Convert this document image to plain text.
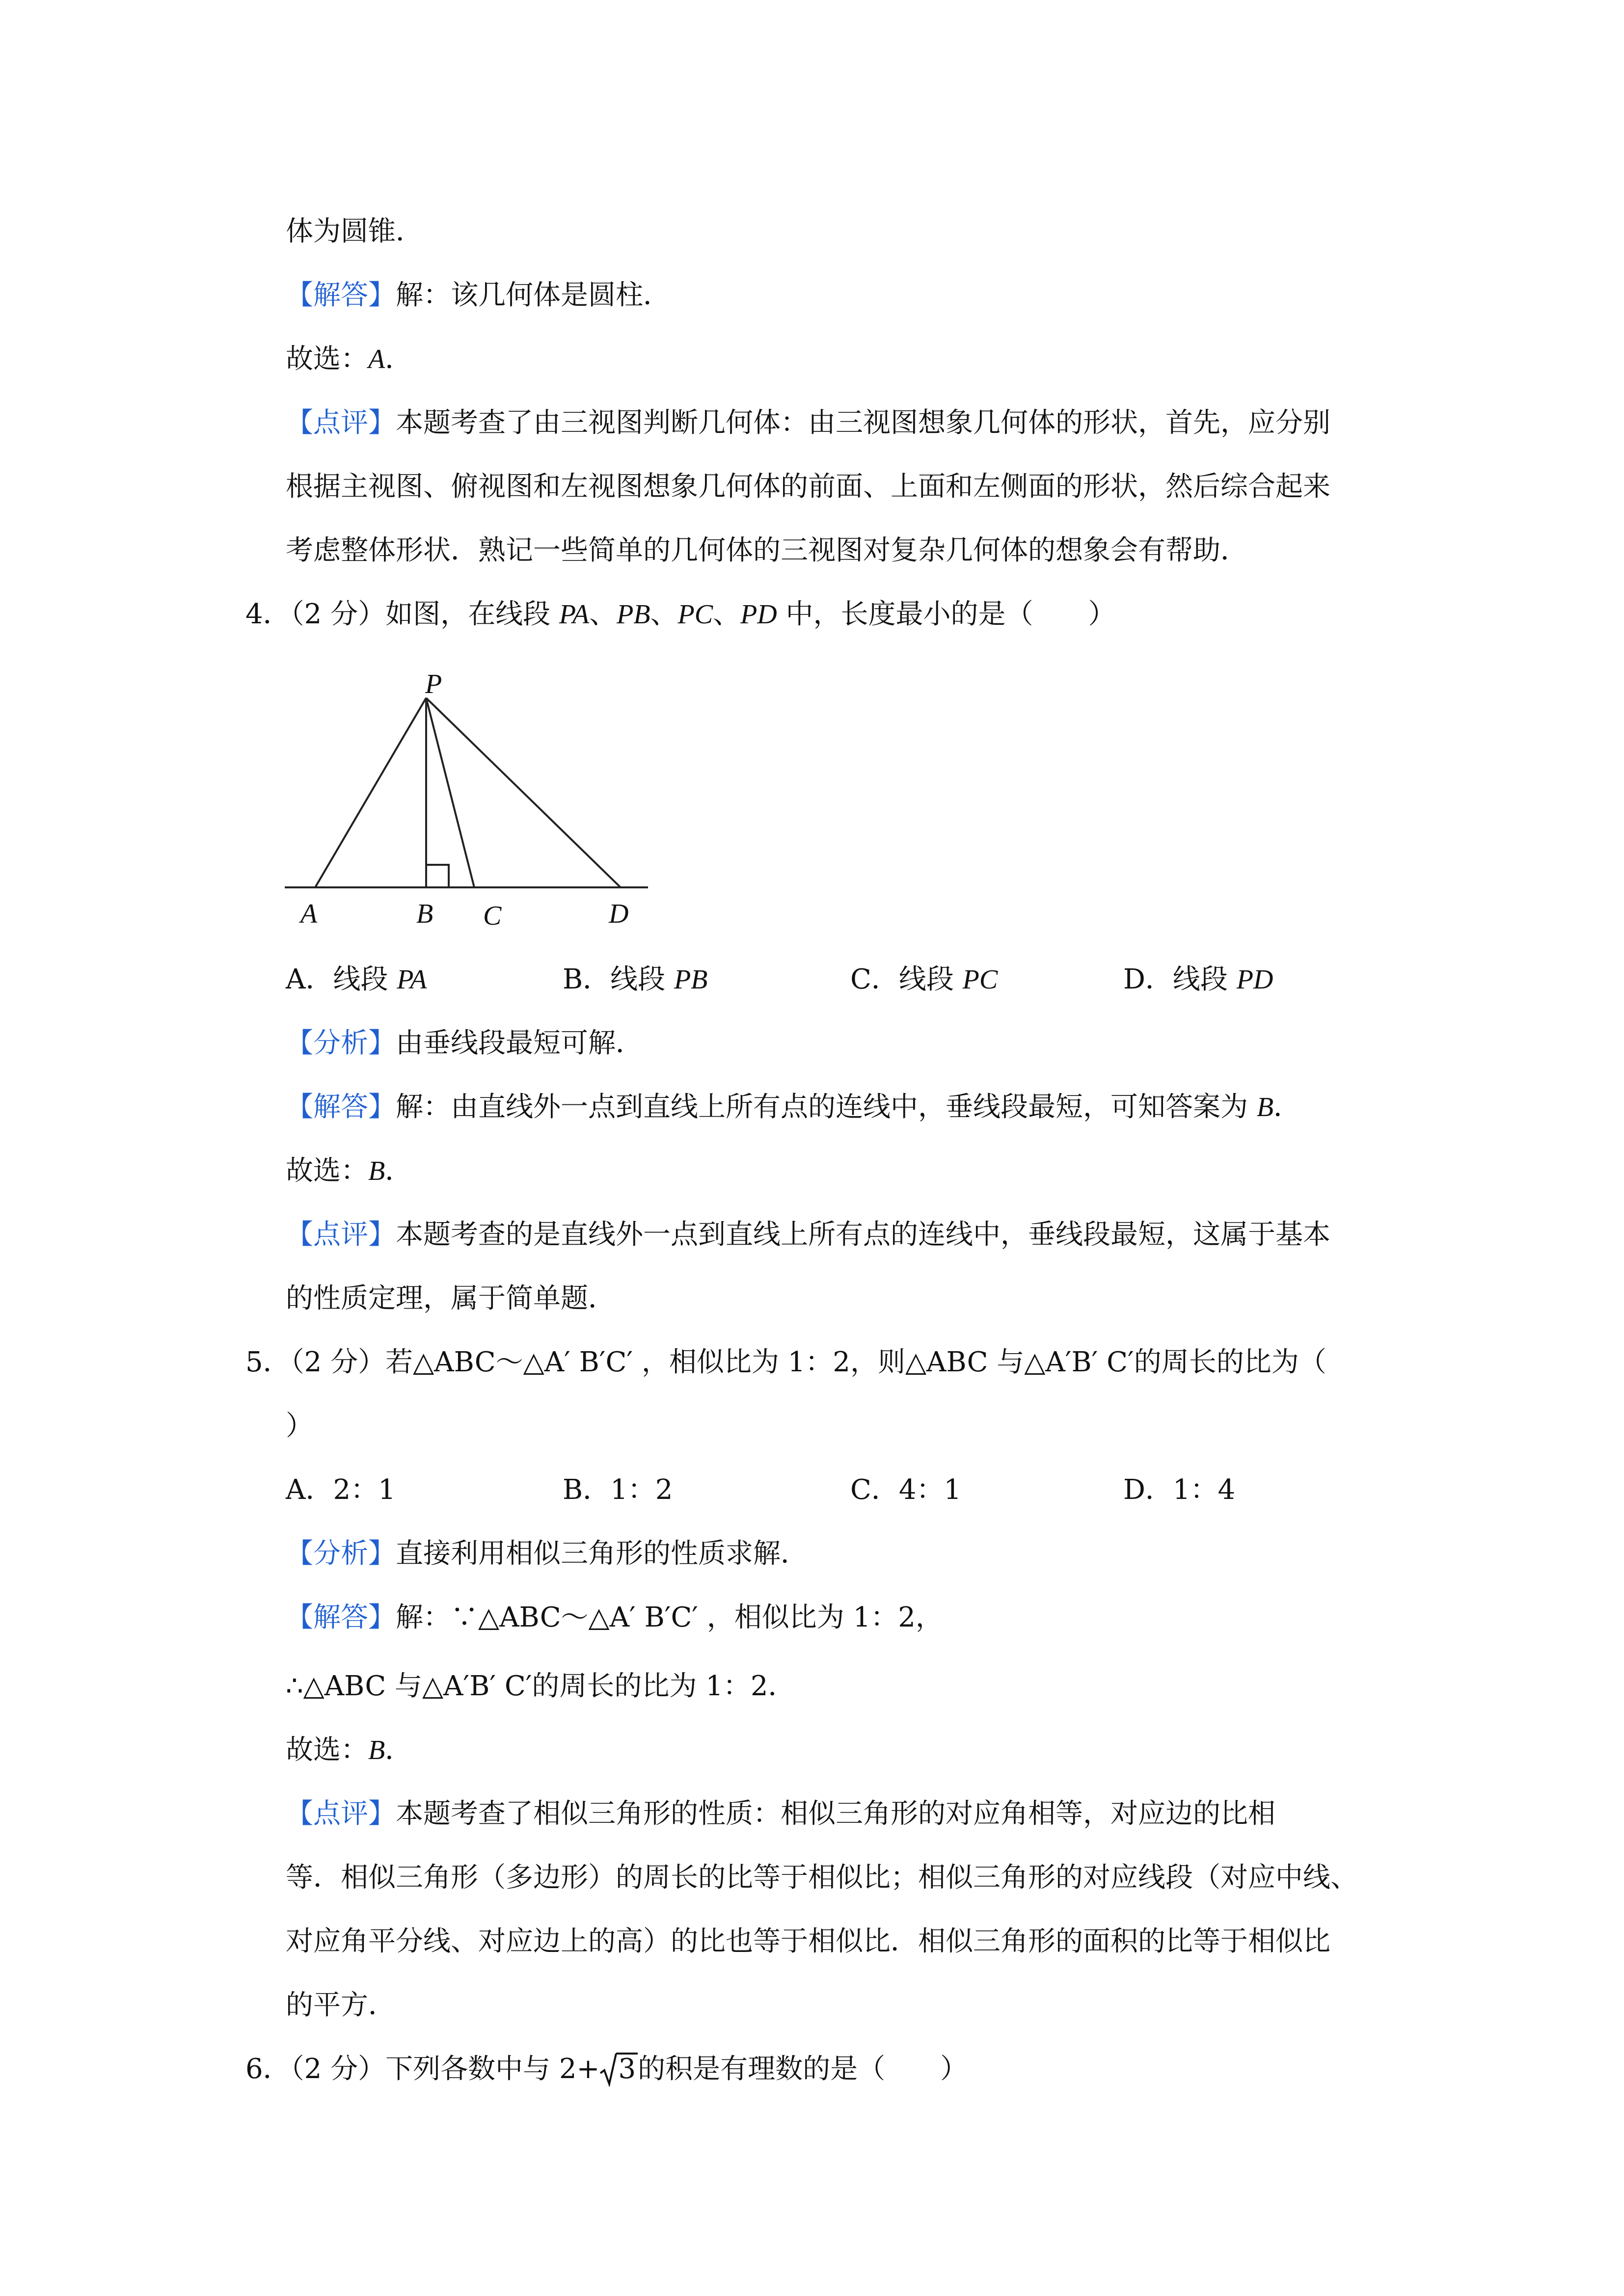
体为圆锥．
【解答】解：该几何体是圆柱．
故选：A．
【点评】本题考查了由三视图判断几何体：由三视图想象几何体的形状，首先，应分别
根据主视图、俯视图和左视图想象几何体的前面、上面和左侧面的形状，然后综合起来
考虑整体形状．熟记一些简单的几何体的三视图对复杂几何体的想象会有帮助．
4．（2 分）如图，在线段 PA、PB、PC、PD 中，长度最小的是（　　）
P
A	B C	D
A．线段 PA	B．线段 PB	C．线段 PC	D．线段 PD
【分析】由垂线段最短可解．
【解答】解：由直线外一点到直线上所有点的连线中，垂线段最短，可知答案为 B．
故选：B．
【点评】本题考查的是直线外一点到直线上所有点的连线中，垂线段最短，这属于基本
的性质定理，属于简单题．
5．（2 分）若△ABC～△A′ B′C′ ，相似比为 1：2，则△ABC 与△A′B′ C′的周长的比为（
）
A．2：1	B．1：2	C．4：1	D．1：4
【分析】直接利用相似三角形的性质求解．
【解答】解：∵△ABC～△A′ B′C′ ，相似比为 1：2，
∴△ABC 与△A′B′ C′的周长的比为 1：2．
故选：B．
【点评】本题考查了相似三角形的性质：相似三角形的对应角相等，对应边的比相
等．相似三角形（多边形）的周长的比等于相似比；相似三角形的对应线段（对应中线、
对应角平分线、对应边上的高）的比也等于相似比．相似三角形的面积的比等于相似比
的平方．
6．（2 分）下列各数中与 2+ 3的积是有理数的是（　　）
